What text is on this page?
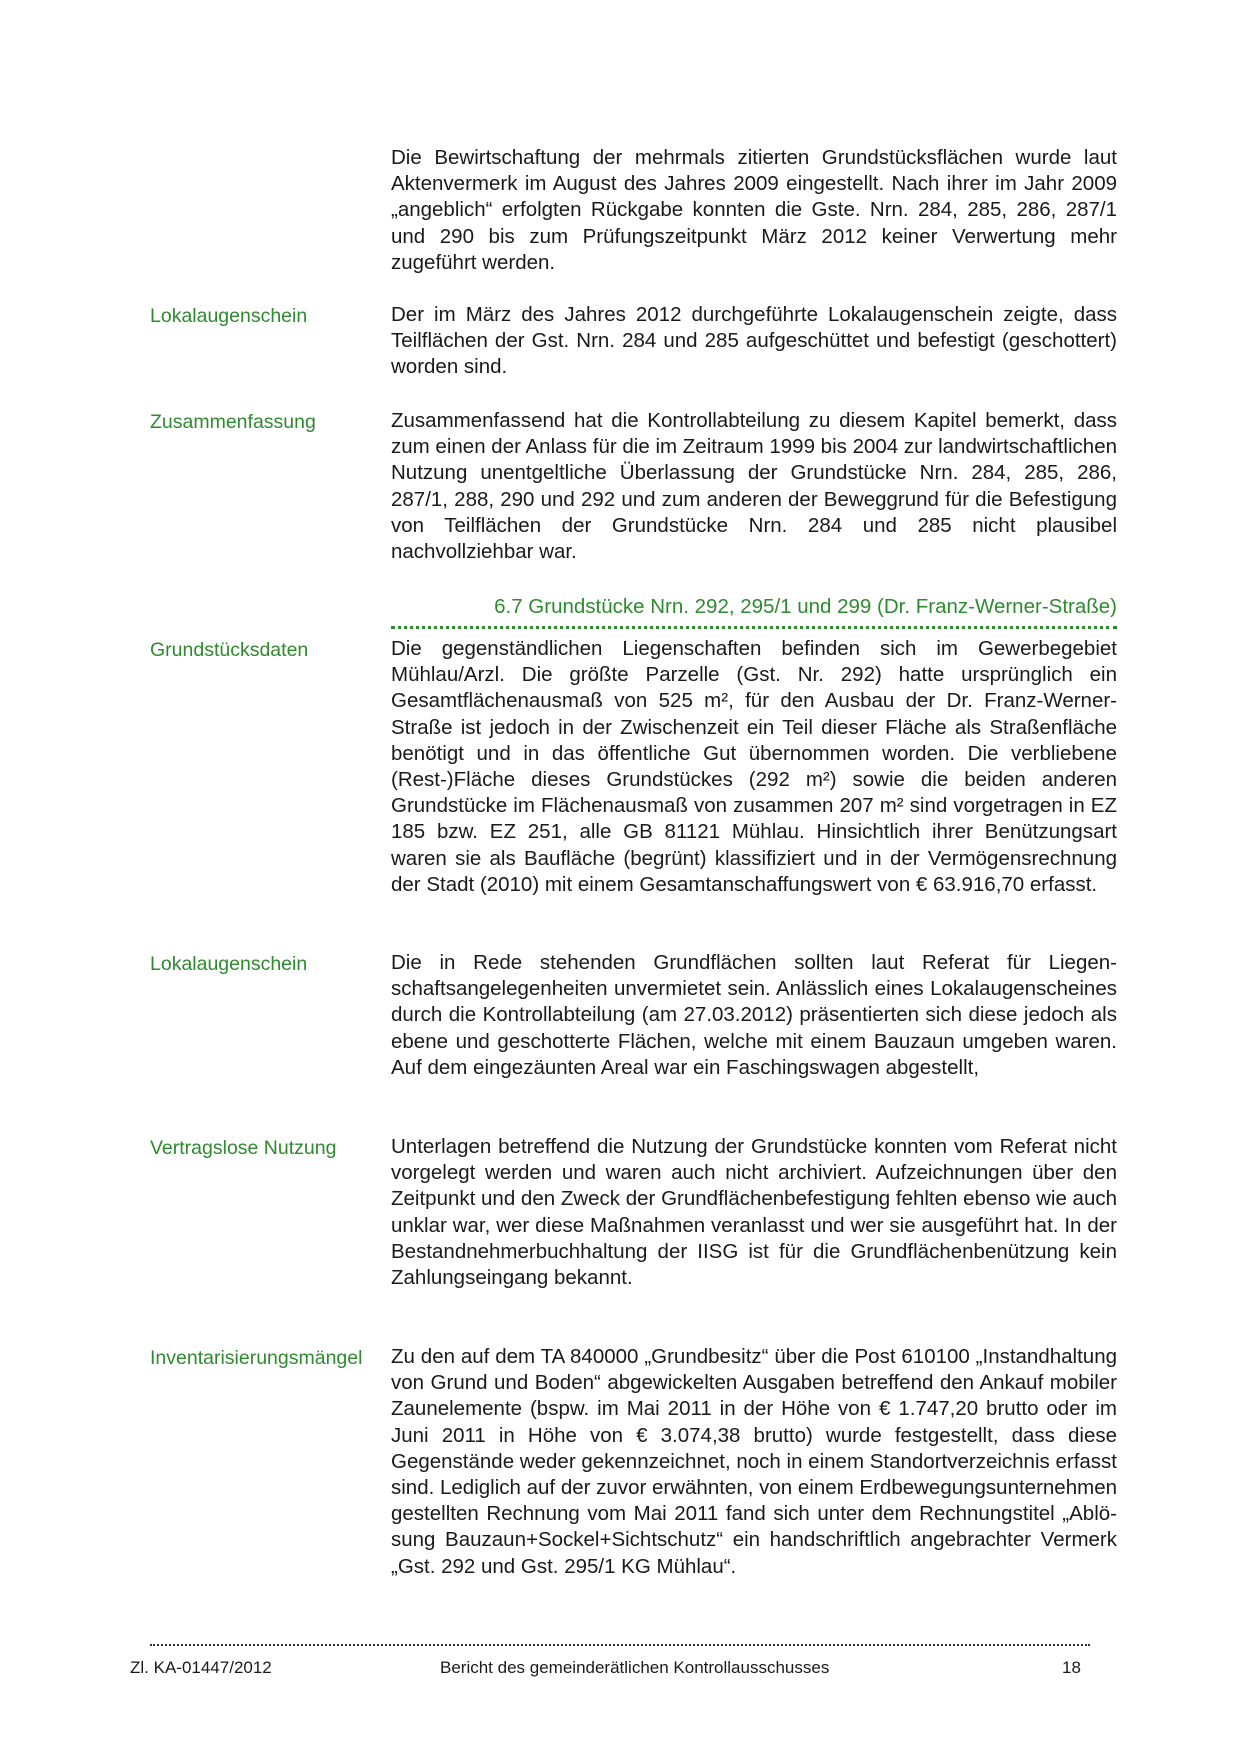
Die Bewirtschaftung der mehrmals zitierten Grundstücksflächen wurde laut Aktenvermerk im August des Jahres 2009 eingestellt. Nach ihrer im Jahr 2009 „angeblich“ erfolgten Rückgabe konnten die Gste. Nrn. 284, 285, 286, 287/1 und 290 bis zum Prüfungszeitpunkt März 2012 keiner Verwertung mehr zugeführt werden.
Lokalaugenschein	Der im März des Jahres 2012 durchgeführte Lokalaugenschein zeigte, dass Teilflächen der Gst. Nrn. 284 und 285 aufgeschüttet und befestigt (geschottert) worden sind.
Zusammenfassung	Zusammenfassend hat die Kontrollabteilung zu diesem Kapitel bemerkt, dass zum einen der Anlass für die im Zeitraum 1999 bis 2004 zur landwirtschaftlichen Nutzung unentgeltliche Überlassung der Grundstücke Nrn. 284, 285, 286, 287/1, 288, 290 und 292 und zum anderen der Beweggrund für die Befestigung von Teilflächen der Grundstücke Nrn. 284 und 285 nicht plausibel nachvollziehbar war.
6.7 Grundstücke Nrn. 292, 295/1 und 299 (Dr. Franz-Werner-Straße)
Grundstücksdaten	Die gegenständlichen Liegenschaften befinden sich im Gewerbegebiet Mühlau/Arzl. Die größte Parzelle (Gst. Nr. 292) hatte ursprünglich ein Gesamtflächenausmaß von 525 m², für den Ausbau der Dr. Franz-Werner-Straße ist jedoch in der Zwischenzeit ein Teil dieser Fläche als Straßenfläche benötigt und in das öffentliche Gut übernommen worden. Die verbliebene (Rest-)Fläche dieses Grundstückes (292 m²) sowie die beiden anderen Grundstücke im Flächenausmaß von zusammen 207 m² sind vorgetragen in EZ 185 bzw. EZ 251, alle GB 81121 Mühlau. Hinsichtlich ihrer Benützungsart waren sie als Baufläche (begrünt) klassifiziert und in der Vermögensrechnung der Stadt (2010) mit einem Gesamtanschaffungswert von € 63.916,70 erfasst.
Lokalaugenschein	Die in Rede stehenden Grundflächen sollten laut Referat für Liegenschaftsangelegenheiten unvermietet sein. Anlässlich eines Lokalaugenscheines durch die Kontrollabteilung (am 27.03.2012) präsentierten sich diese jedoch als ebene und geschotterte Flächen, welche mit einem Bauzaun umgeben waren. Auf dem eingezäunten Areal war ein Faschingswagen abgestellt,
Vertragslose Nutzung	Unterlagen betreffend die Nutzung der Grundstücke konnten vom Referat nicht vorgelegt werden und waren auch nicht archiviert. Aufzeichnungen über den Zeitpunkt und den Zweck der Grundflächenbefestigung fehlten ebenso wie auch unklar war, wer diese Maßnahmen veranlasst und wer sie ausgeführt hat. In der Bestandnehmerbuchhaltung der IISG ist für die Grundflächenbenützung kein Zahlungseingang bekannt.
Inventarisierungsmängel	Zu den auf dem TA 840000 „Grundbesitz“ über die Post 610100 „Instandhaltung von Grund und Boden“ abgewickelten Ausgaben betreffend den Ankauf mobiler Zaunelemente (bspw. im Mai 2011 in der Höhe von € 1.747,20 brutto oder im Juni 2011 in Höhe von € 3.074,38 brutto) wurde festgestellt, dass diese Gegenstände weder gekennzeichnet, noch in einem Standortverzeichnis erfasst sind. Lediglich auf der zuvor erwähnten, von einem Erdbewegungsunternehmen gestellten Rechnung vom Mai 2011 fand sich unter dem Rechnungstitel „Ablösung Bauzaun+Sockel+Sichtschutz“ ein handschriftlich angebrachter Vermerk „Gst. 292 und Gst. 295/1 KG Mühlau“.
Zl. KA-01447/2012	Bericht des gemeinderätlichen Kontrollausschusses	18
